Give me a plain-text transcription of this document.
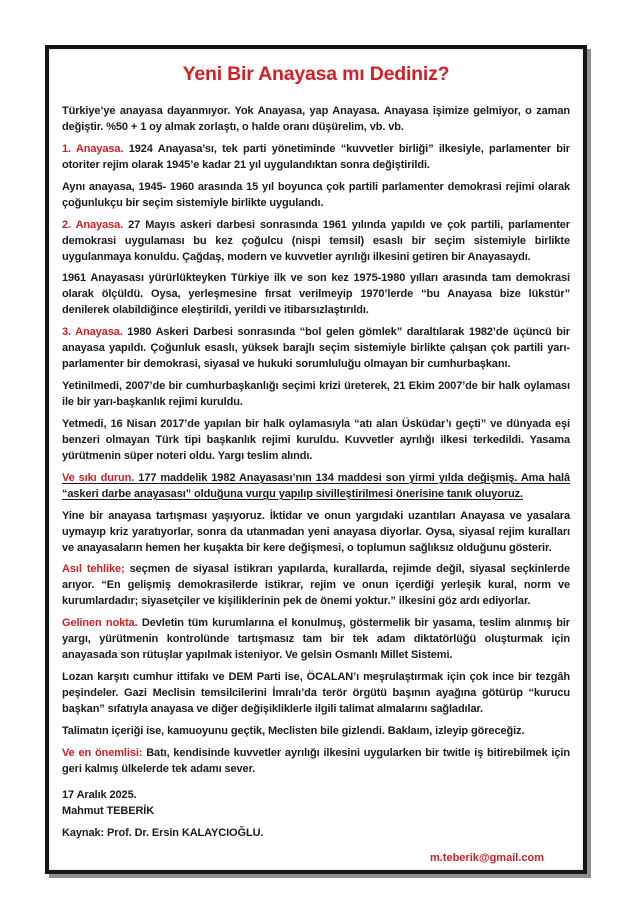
Yeni Bir Anayasa mı Dediniz?

Türkiye’ye anayasa dayanmıyor. Yok Anayasa, yap Anayasa. Anayasa işimize gelmiyor, o zaman değiştir. %50 + 1 oy almak zorlaştı, o halde oranı düşürelim, vb. vb.

1. Anayasa. 1924 Anayasa’sı, tek parti yönetiminde “kuvvetler birliği” ilkesiyle, parlamenter bir otoriter rejim olarak 1945’e kadar 21 yıl uygulandıktan sonra değiştirildi.

Aynı anayasa, 1945- 1960 arasında 15 yıl boyunca çok partili parlamenter demokrasi rejimi olarak çoğunlukçu bir seçim sistemiyle birlikte uygulandı.

2. Anayasa. 27 Mayıs askeri darbesi sonrasında 1961 yılında yapıldı ve çok partili, parlamenter demokrasi uygulaması bu kez çoğulcu (nispi temsil) esaslı bir seçim sistemiyle birlikte uygulanmaya konuldu. Çağdaş, modern ve kuvvetler ayrılığı ilkesini getiren bir Anayasaydı.

1961 Anayasası yürürlükteyken Türkiye ilk ve son kez 1975-1980 yılları arasında tam demokrasi olarak ölçüldü. Oysa, yerleşmesine fırsat verilmeyip 1970’lerde “bu Anayasa bize lükstür” denilerek olabildiğince eleştirildi, yerildi ve itibarsızlaştırıldı.

3. Anayasa. 1980 Askeri Darbesi sonrasında “bol gelen gömlek” daraltılarak 1982’de üçüncü bir anayasa yapıldı. Çoğunluk esaslı, yüksek barajlı seçim sistemiyle birlikte çalışan çok partili yarı-parlamenter bir demokrasi, siyasal ve hukuki sorumluluğu olmayan bir cumhurbaşkanı.

Yetinilmedi, 2007’de bir cumhurbaşkanlığı seçimi krizi üreterek, 21 Ekim 2007’de bir halk oylaması ile bir yarı-başkanlık rejimi kuruldu.

Yetmedi, 16 Nisan 2017’de yapılan bir halk oylamasıyla “atı alan Üsküdar’ı geçti” ve dünyada eşi benzeri olmayan Türk tipi başkanlık rejimi kuruldu. Kuvvetler ayrılığı ilkesi terkedildi. Yasama yürütmenin süper noteri oldu. Yargı teslim alındı.

Ve sıkı durun. 177 maddelik 1982 Anayasası’nın 134 maddesi son yirmi yılda değişmiş. Ama halâ “askeri darbe anayasası” olduğuna vurgu yapılıp sivilleştirilmesi önerisine tanık oluyoruz.

Yine bir anayasa tartışması yaşıyoruz. İktidar ve onun yargıdaki uzantıları Anayasa ve yasalara uymayıp kriz yaratıyorlar, sonra da utanmadan yeni anayasa diyorlar. Oysa, siyasal rejim kuralları ve anayasaların hemen her kuşakta bir kere değişmesi, o toplumun sağlıksız olduğunu gösterir.

Asıl tehlike; seçmen de siyasal istikrarı yapılarda, kurallarda, rejimde değil, siyasal seçkinlerde arıyor. “En gelişmiş demokrasilerde istikrar, rejim ve onun içerdiği yerleşik kural, norm ve kurumlardadır; siyasetçiler ve kişiliklerinin pek de önemi yoktur.” ilkesini göz ardı ediyorlar.

Gelinen nokta. Devletin tüm kurumlarına el konulmuş, göstermelik bir yasama, teslim alınmış bir yargı, yürütmenin kontrolünde tartışmasız tam bir tek adam diktatörlüğü oluşturmak için anayasada son rütuşlar yapılmak isteniyor. Ve gelsin Osmanlı Millet Sistemi.

Lozan karşıtı cumhur ittifakı ve DEM Parti ise, ÖCALAN’ı meşrulaştırmak için çok ince bir tezgâh peşindeler. Gazi Meclisin temsilcilerini İmralı’da terör örgütü başının ayağına götürüp “kurucu başkan” sıfatıyla anayasa ve diğer değişikliklerle ilgili talimat almalarını sağladılar.

Talimatın içeriği ise, kamuoyunu geçtik, Meclisten bile gizlendi. Baklaım, izleyip göreceğiz.

Ve en önemlisi: Batı, kendisinde kuvvetler ayrılığı ilkesini uygularken bir twitle iş bitirebilmek için geri kalmış ülkelerde tek adamı sever.

17 Aralık 2025.
Mahmut TEBERİK
Kaynak: Prof. Dr. Ersin KALAYCIOĞLU.
m.teberik@gmail.com
